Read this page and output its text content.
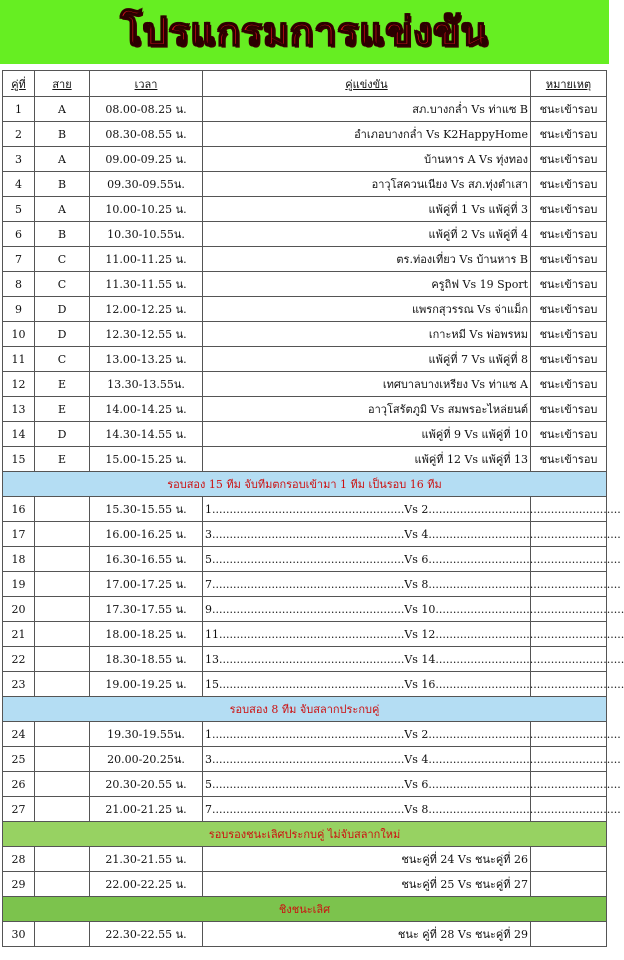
โปรแกรมการแข่งขัน
คู่ที่	สาย	เวลา	คู่แข่งขัน	หมายเหตุ
1	A	08.00-08.25 น.	สภ.บางกล่ำ Vs ท่าแซ B	ชนะเข้ารอบ
2	B	08.30-08.55 น.	อำเภอบางกล่ำ Vs K2HappyHome	ชนะเข้ารอบ
3	A	09.00-09.25 น.	บ้านหาร A Vs ทุ่งทอง	ชนะเข้ารอบ
4	B	09.30-09.55น.	อาวุโสควนเนียง Vs สภ.ทุ่งตำเสา	ชนะเข้ารอบ
5	A	10.00-10.25 น.	แพ้คู่ที่ 1 Vs แพ้คู่ที่ 3	ชนะเข้ารอบ
6	B	10.30-10.55น.	แพ้คู่ที่ 2 Vs แพ้คู่ที่ 4	ชนะเข้ารอบ
7	C	11.00-11.25 น.	ตร.ท่องเที่ยว Vs บ้านหาร B	ชนะเข้ารอบ
8	C	11.30-11.55 น.	ครูถิฟ Vs 19 Sport	ชนะเข้ารอบ
9	D	12.00-12.25 น.	แพรกสุวรรณ Vs จ่าแม็ก	ชนะเข้ารอบ
10	D	12.30-12.55 น.	เกาะหมี Vs พ่อพรหม	ชนะเข้ารอบ
11	C	13.00-13.25 น.	แพ้คู่ที่ 7 Vs แพ้คู่ที่ 8	ชนะเข้ารอบ
12	E	13.30-13.55น.	เทศบาลบางเหรียง Vs ท่าแซ A	ชนะเข้ารอบ
13	E	14.00-14.25 น.	อาวุโสรัตภูมิ Vs สมพรอะไหล่ยนต์	ชนะเข้ารอบ
14	D	14.30-14.55 น.	แพ้คู่ที่ 9 Vs แพ้คู่ที่ 10	ชนะเข้ารอบ
15	E	15.00-15.25 น.	แพ้คู่ที่ 12 Vs แพ้คู่ที่ 13	ชนะเข้ารอบ
รอบสอง 15 ทีม จับทีมตกรอบเข้ามา 1 ทีม เป็นรอบ 16 ทีม				
16		15.30-15.55 น.	1.......................................................Vs 2.......................................................	
17		16.00-16.25 น.	3.......................................................Vs 4.......................................................	
18		16.30-16.55 น.	5.......................................................Vs 6.......................................................	
19		17.00-17.25 น.	7.......................................................Vs 8.......................................................	
20		17.30-17.55 น.	9.......................................................Vs 10......................................................	
21		18.00-18.25 น.	11.....................................................Vs 12......................................................	
22		18.30-18.55 น.	13.....................................................Vs 14......................................................	
23		19.00-19.25 น.	15.....................................................Vs 16......................................................	
รอบสอง 8 ทีม จับสลากประกบคู่				
24		19.30-19.55น.	1.......................................................Vs 2.......................................................	
25		20.00-20.25น.	3.......................................................Vs 4.......................................................	
26		20.30-20.55 น.	5.......................................................Vs 6.......................................................	
27		21.00-21.25 น.	7.......................................................Vs 8.......................................................	
รอบรองชนะเลิศประกบคู่ ไม่จับสลากใหม่				
28		21.30-21.55 น.	ชนะคู่ที่ 24 Vs ชนะคู่ที่ 26	
29		22.00-22.25 น.	ชนะคู่ที่ 25 Vs ชนะคู่ที่ 27	
ชิงชนะเลิศ				
30		22.30-22.55 น.	ชนะ คู่ที่ 28 Vs ชนะคู่ที่ 29	
